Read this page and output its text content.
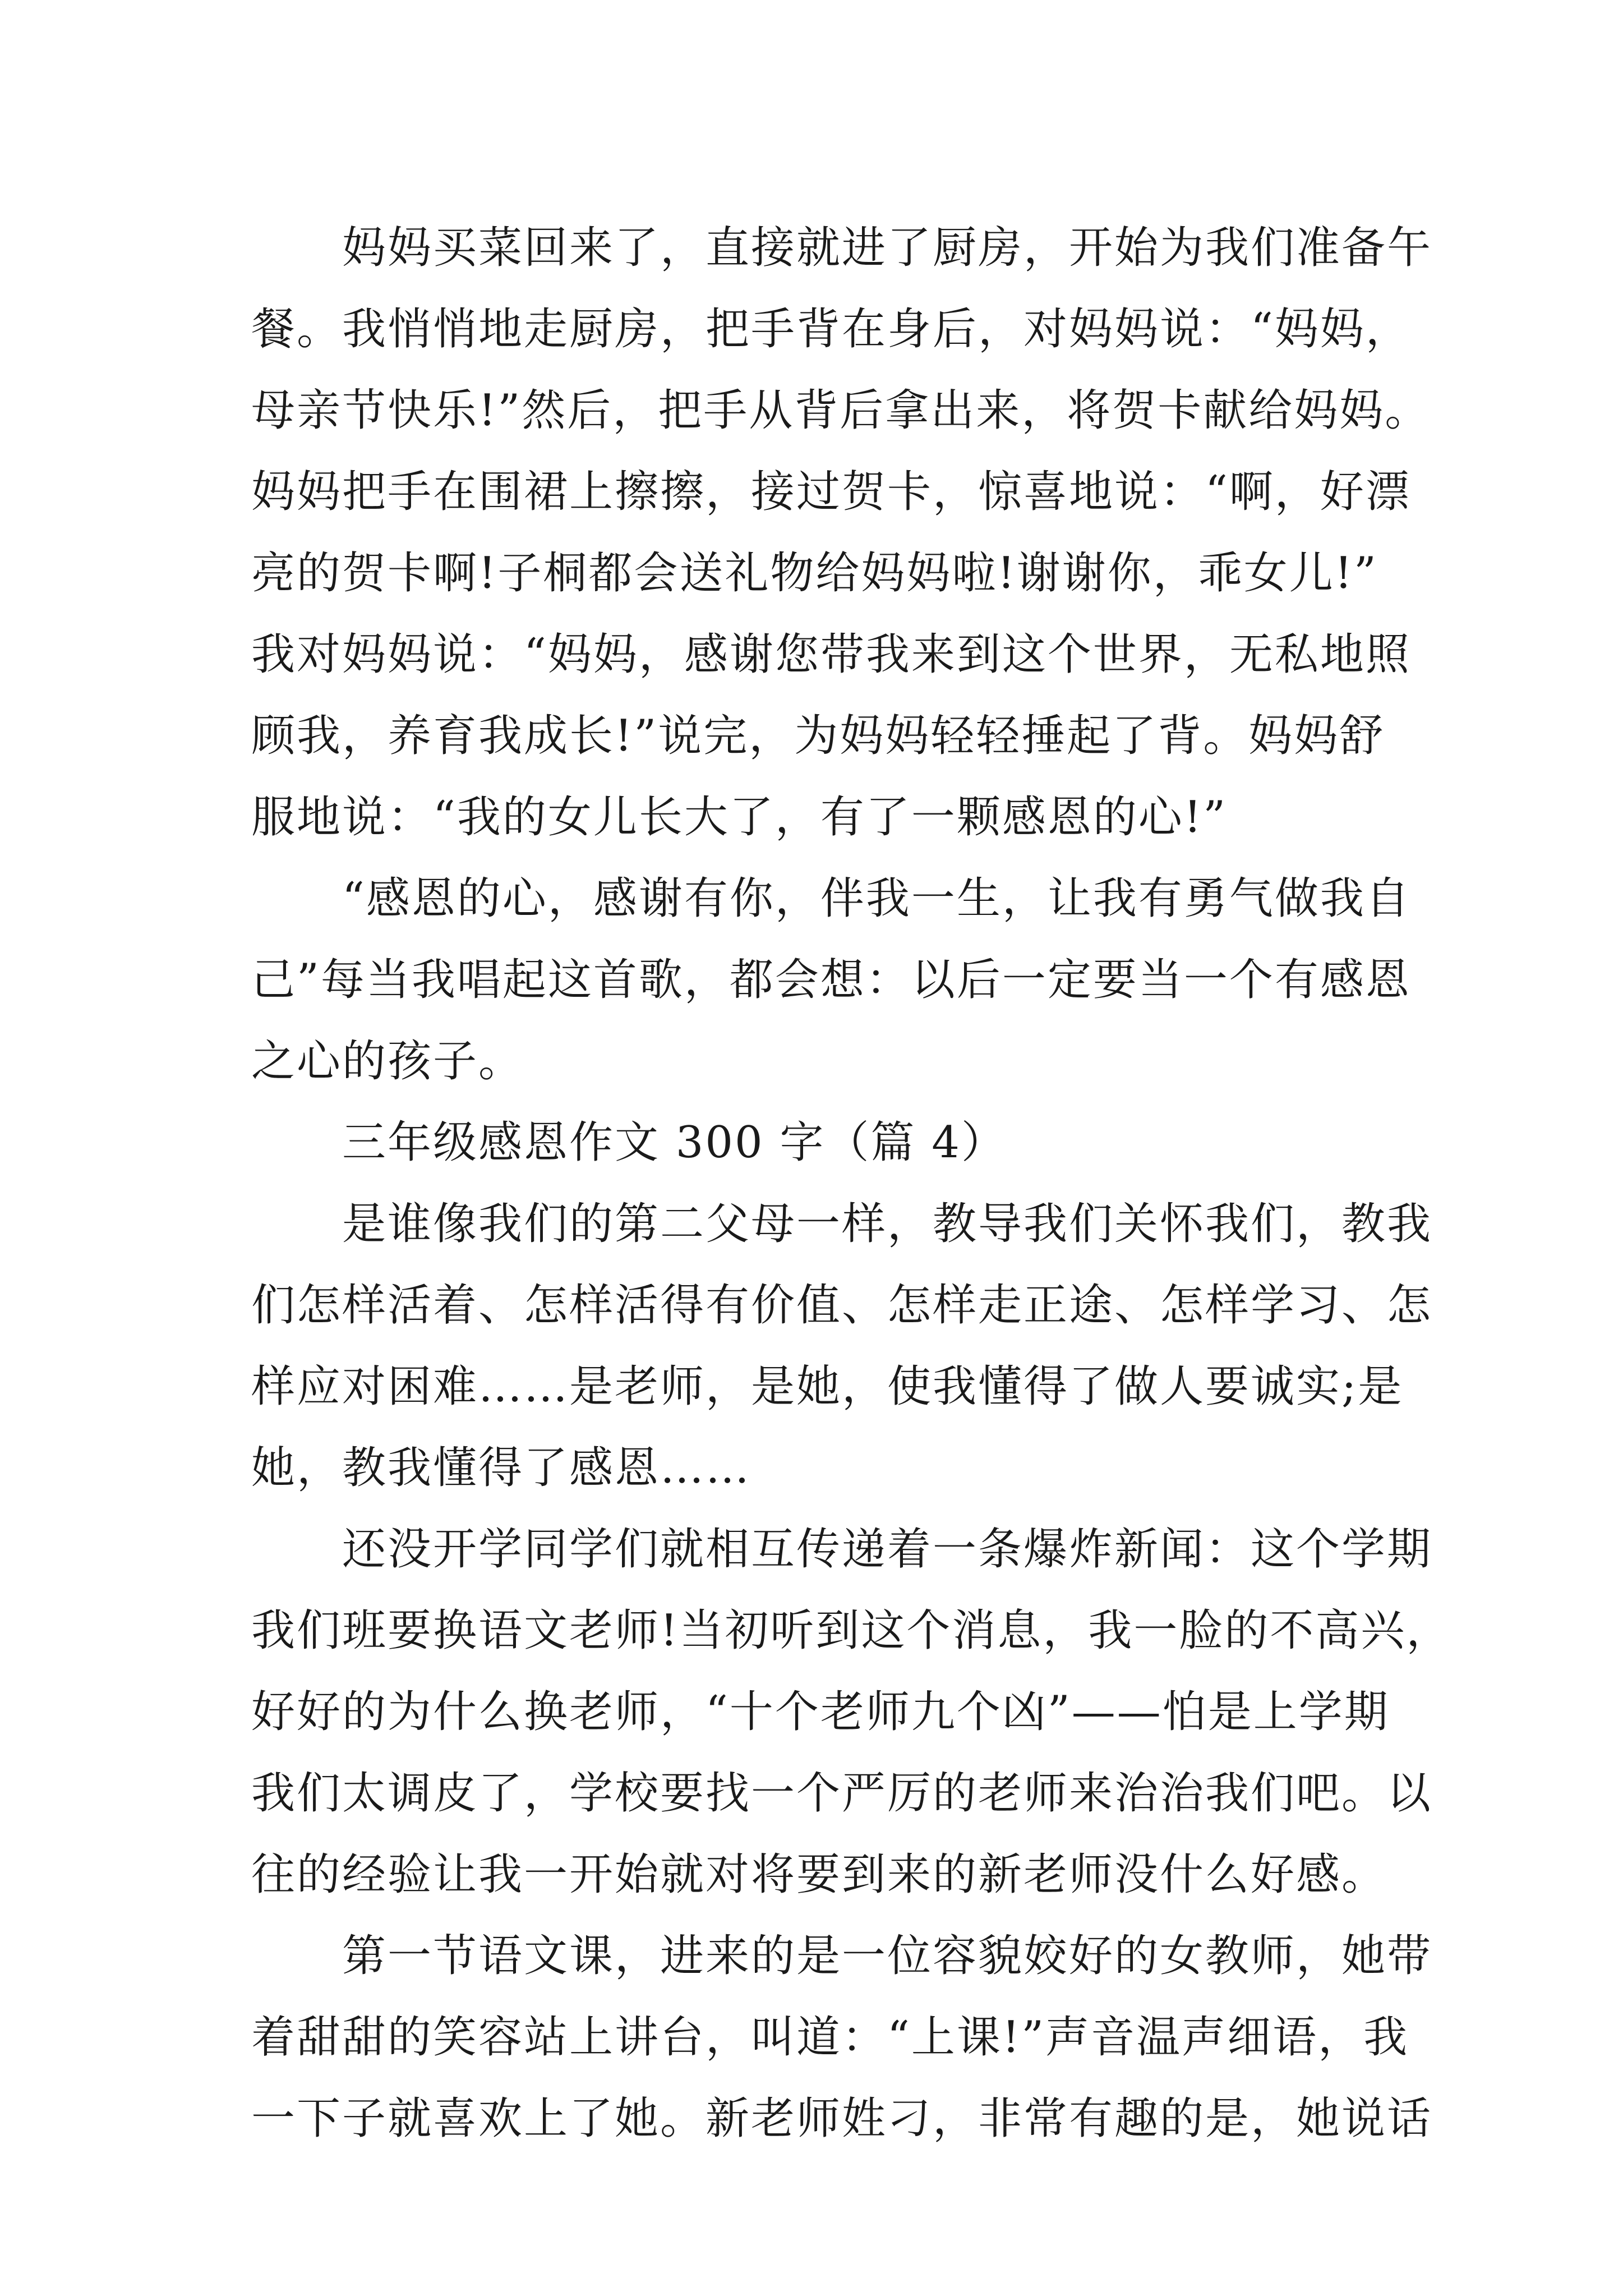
　　妈妈买菜回来了，直接就进了厨房，开始为我们准备午
餐。我悄悄地走厨房，把手背在身后，对妈妈说：“妈妈，
母亲节快乐!”然后，把手从背后拿出来，将贺卡献给妈妈。
妈妈把手在围裙上擦擦，接过贺卡，惊喜地说：“啊，好漂
亮的贺卡啊!子桐都会送礼物给妈妈啦!谢谢你，乖女儿!”
我对妈妈说：“妈妈，感谢您带我来到这个世界，无私地照
顾我，养育我成长!”说完，为妈妈轻轻捶起了背。妈妈舒
服地说：“我的女儿长大了，有了一颗感恩的心!”
　　“感恩的心，感谢有你，伴我一生，让我有勇气做我自
己”每当我唱起这首歌，都会想：以后一定要当一个有感恩
之心的孩子。
　　三年级感恩作文 300 字（篇 4）
　　是谁像我们的第二父母一样，教导我们关怀我们，教我
们怎样活着、怎样活得有价值、怎样走正途、怎样学习、怎
样应对困难……是老师，是她，使我懂得了做人要诚实;是
她，教我懂得了感恩……
　　还没开学同学们就相互传递着一条爆炸新闻：这个学期
我们班要换语文老师!当初听到这个消息，我一脸的不高兴，
好好的为什么换老师，“十个老师九个凶”——怕是上学期
我们太调皮了，学校要找一个严厉的老师来治治我们吧。以
往的经验让我一开始就对将要到来的新老师没什么好感。
　　第一节语文课，进来的是一位容貌姣好的女教师，她带
着甜甜的笑容站上讲台，叫道：“上课!”声音温声细语，我
一下子就喜欢上了她。新老师姓刁，非常有趣的是，她说话
